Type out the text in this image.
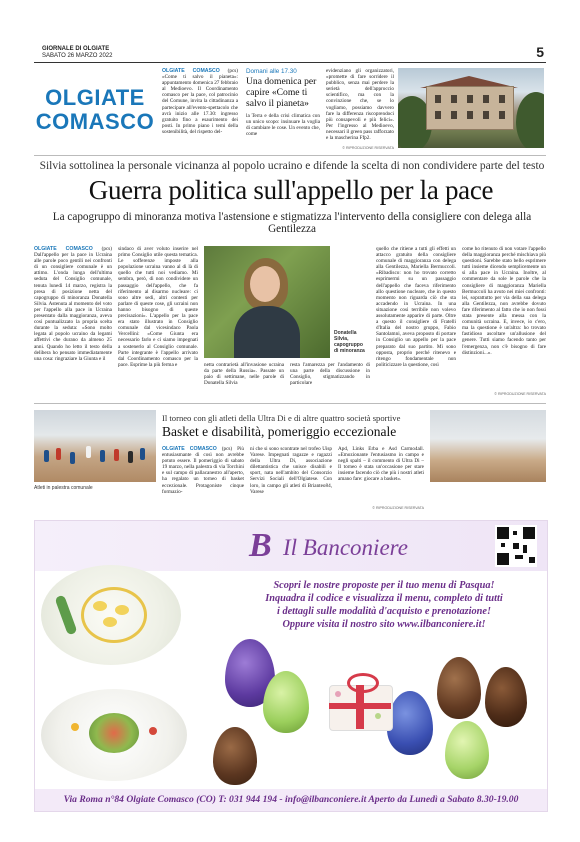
GIORNALE DI OLGIATE
SABATO 26 MARZO 2022	5
OLGIATE
COMASCO
OLGIATE COMASCO (pcs) «Come ti salvo il pianeta»: appuntamento domenica 27 febbraio al Medioevo. Il Coordinamento comasco per la pace, col patrocinio del Comune, invita la cittadinanza a partecipare all'evento-spettacolo che avrà inizio alle 17.30: ingresso gratuito fino a esaurimento dei posti. In primo piano i temi della sostenibilità, del rispetto del-
Domani alle 17.30
Una domenica per capire «Come ti salvo il pianeta»
la Terra e della crisi climatica con un unico scopo: insinuare la voglia di cambiare le cose. Un evento che, come
evidenziano gli organizzatori, «promette di fare sorridere il pubblico, senza mai perdere la serietà dell'approccio scientifico, ma con la convinzione che, se lo vogliamo, possiamo davvero fare la differenza riscoprendoci più consapevoli e più felici». Per l'ingresso al Medioevo, necessari il green pass rafforzato e la mascherina Ffp2.
© RIPRODUZIONE RISERVATA
Silvia sottolinea la personale vicinanza al popolo ucraino e difende la scelta di non condividere parte del testo
Guerra politica sull'appello per la pace
La capogruppo di minoranza motiva l'astensione e stigmatizza l'intervento della consigliere con delega alla Gentilezza
OLGIATE COMASCO (pcs) Dall'appello per la pace in Ucraina alle parole poco gentili nei confronti di un consigliere comunale è un attimo. L'onda lunga dell'ultima seduta del Consiglio comunale, tenuta lunedì 14 marzo, registra la presa di posizione netta del capogruppo di minoranza Donatella Silvia. Astenuta al momento del voto per l'appello alla pace in Ucraina presentato dalla maggioranza, aveva così puntualizzato la propria scelta durante la seduta: «Sono molto legata al popolo ucraino da legami affettivi che durano da almeno 25 anni. Quando ho letto il testo della delibera ho pensato immediatamente una cosa: ringraziare la Giunta e il
sindaco di aver voluto inserire nel primo Consiglio utile questa tematica. Le sofferenze imposte alla popolazione ucraina vanno al di là di quello che tutti noi vediamo. Mi sembra, però, di non condividere un passaggio dell'appello, che fa riferimento al disarmo nucleare: ci sono altre sedi, altri contesti per parlare di queste cose, gli ucraini non hanno bisogno di queste precisazioni». L'appello per la pace era stato illustrato in Consiglio comunale dal vicesindaco Paola Vercellini: «Come Giunta era necessario farlo e ci siamo impegnati a sostenerlo al Consiglio comunale. Parte integrante è l'appello arrivato dal Coordinamento comasco per la pace. Esprime la più ferma e
Donatella Silvia, capogruppo di minoranza
netta contrarietà all'invasione ucraina da parte della Russia». Passate un paio di settimane, nelle parole di Donatella Silvia
resta l'amarezza per l'andamento di una parte della discussione in Consiglio, stigmatizzando in particolare
quello che ritiene a tutti gli effetti un attacco gratuito della consigliere comunale di maggioranza con delega alla Gentilezza, Mariella Bermuccoli. «Ribadisco: non ho trovato corretto esprimermi su un passaggio dell'appello che faceva riferimento allo questione nucleare, che in questo momento non riguarda ciò che sta accadendo in Ucraina. In una situazione così terribile non volevo assolutamente apparire di parte. Oltre a questo il consigliere di Fratelli d'Italia del nostro gruppo, Fabio Santolamni, aveva proposto di portare in Consiglio un appello per la pace preparato dal suo partito. Mi sono opposta, proprio perché ritenevo e ritengo fondamentale non politicizzare la questione, così
come ho ritenuto di non votare l'appello della maggioranza perché mischiava più questioni. Sarebbe stato bello esprimere tutti insieme dicendo semplicemente un sì alla pace in Ucraina. Inoltre, al commentare da sole le parole che la consigliere di maggioranza Mariella Bermuccoli ha avuto nei miei confronti: lei, soprattutto per via della sua delega alla Gentilezza, non avrebbe dovuto fare riferimento al fatto che io non fossi stata presente alla messa con la comunità ucraina. E, invece, io c'ero, ma la questione è un'altra: ho trovato fastidioso ascoltare un'allusione del genere. Tutti siamo facendo tanto per l'emergenza, non c'è bisogno di fare distinzioni...».
© RIPRODUZIONE RISERVATA
Atleti in palestra comunale
Il torneo con gli atleti della Ultra Di e di altre quattro società sportive
Basket e disabilità, pomeriggio eccezionale
OLGIATE COMASCO (pcs) Più entusiasmante di così non avrebbe potuto essere. Il pomeriggio di sabato 19 marzo, nella palestra di via Torchini e sul campo di pallacanestro all'aperto, ha regalato un torneo di basket eccezionale. Protagoniste cinque formazio-
ni che si sono scontrate nel trofeo Uisp Varese. Impegnati ragazze e ragazzi della Ultra Di, associazione dilettantistica che unisce disabili e sport, nata nell'ambito del Consorzio Servizi Sociali dell'Olgiatese. Con loro, in campo gli atleti di Brianteo84, Varese
Apd, Links Erba e Asd Carmo4all. «Emozionante l'entusiasmo in campo e negli spalti – il commento di Ultra Di – Il torneo è stata un'occasione per stare insieme facendo ciò che più i nostri atleti amano fare: giocare a basket».
© RIPRODUZIONE RISERVATA
B Il Banconiere
Scopri le nostre proposte per il tuo menu di Pasqua!
Inquadra il codice e visualizza il menu, completo di tutti
i dettagli sulle modalità d'acquisto e prenotazione!
Oppure visita il nostro sito www.ilbanconiere.it!
Via Roma n°84 Olgiate Comasco (CO) T: 031 944 194 - info@ilbanconiere.it Aperto da Lunedì a Sabato 8.30-19.00
